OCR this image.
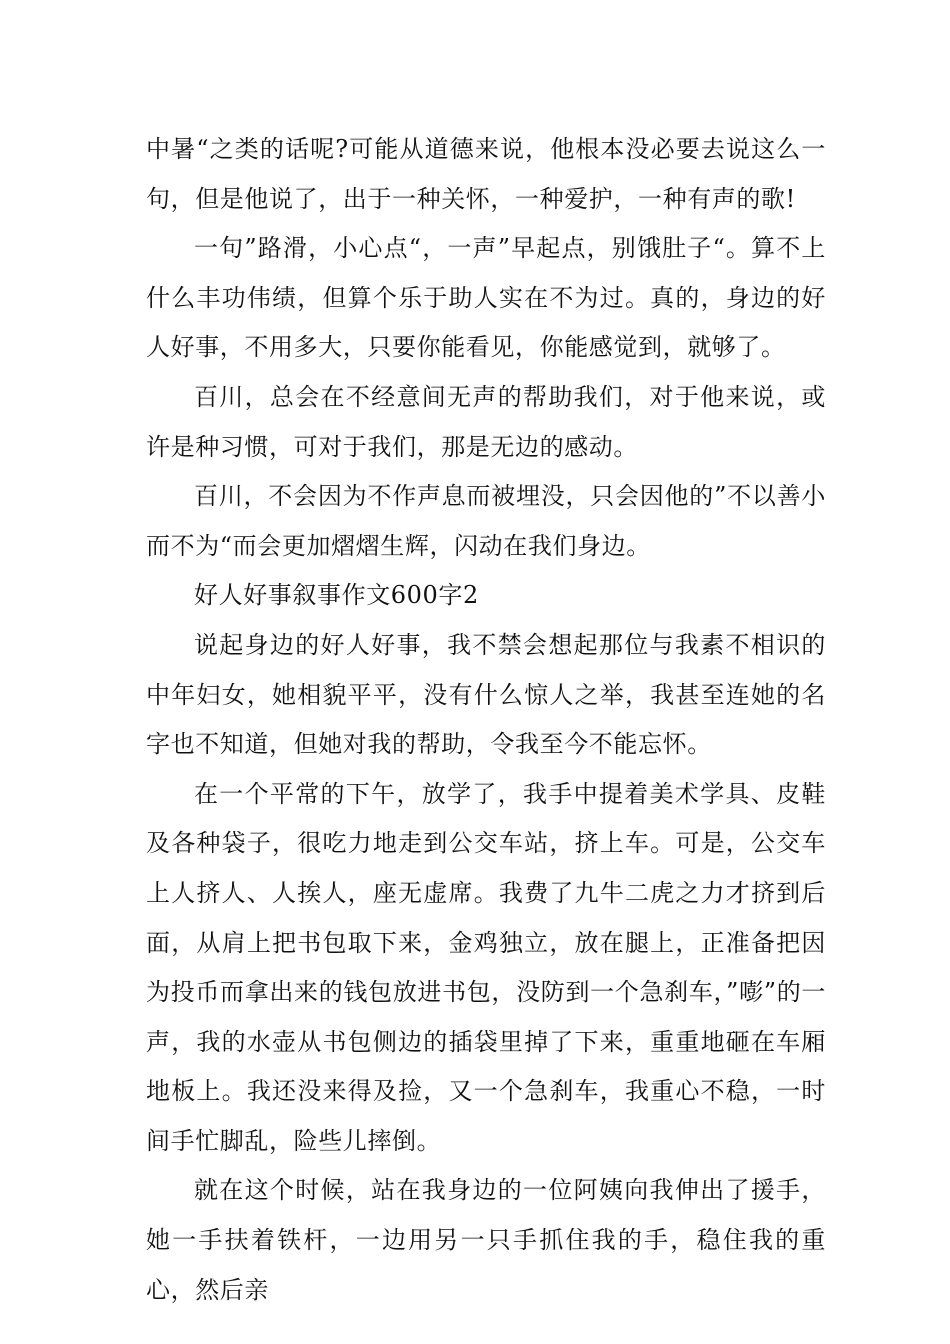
中暑“之类的话呢?可能从道德来说，他根本没必要去说这么一句，但是他说了，出于一种关怀，一种爱护，一种有声的歌!

一句”路滑，小心点“，一声”早起点，别饿肚子“。算不上什么丰功伟绩，但算个乐于助人实在不为过。真的，身边的好人好事，不用多大，只要你能看见，你能感觉到，就够了。

百川，总会在不经意间无声的帮助我们，对于他来说，或许是种习惯，可对于我们，那是无边的感动。

百川，不会因为不作声息而被埋没，只会因他的”不以善小而不为“而会更加熠熠生辉，闪动在我们身边。

好人好事叙事作文600字2

说起身边的好人好事，我不禁会想起那位与我素不相识的中年妇女，她相貌平平，没有什么惊人之举，我甚至连她的名字也不知道，但她对我的帮助，令我至今不能忘怀。

在一个平常的下午，放学了，我手中提着美术学具、皮鞋及各种袋子，很吃力地走到公交车站，挤上车。可是，公交车上人挤人、人挨人，座无虚席。我费了九牛二虎之力才挤到后面，从肩上把书包取下来，金鸡独立，放在腿上，正准备把因为投币而拿出来的钱包放进书包，没防到一个急刹车，”嘭”的一声，我的水壶从书包侧边的插袋里掉了下来，重重地砸在车厢地板上。我还没来得及捡，又一个急刹车，我重心不稳，一时间手忙脚乱，险些儿摔倒。

就在这个时候，站在我身边的一位阿姨向我伸出了援手，她一手扶着铁杆，一边用另一只手抓住我的手，稳住我的重心，然后亲
